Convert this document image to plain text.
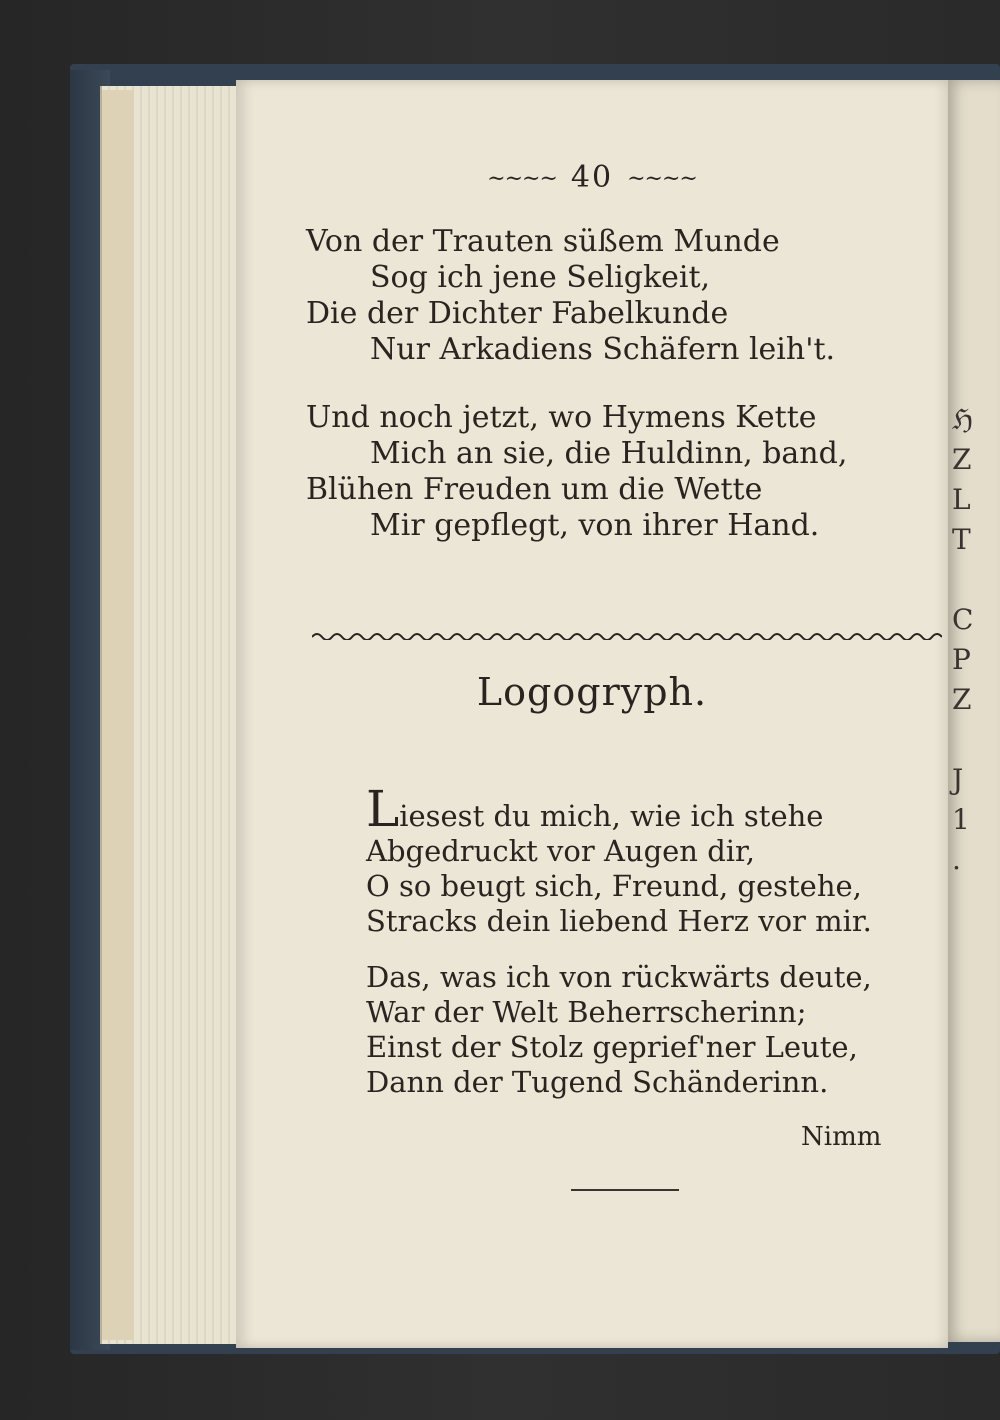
ℌ
Z
L
T

C
P
Z

J
1
.
~~~~ 40 ~~~~
Von der Trauten süßem Munde
Sog ich jene Seligkeit,
Die der Dichter Fabelkunde
Nur Arkadiens Schäfern leih't.
Und noch jetzt, wo Hymens Kette
Mich an sie, die Huldinn, band,
Blühen Freuden um die Wette
Mir gepflegt, von ihrer Hand.
Logogryph.
Liesest du mich, wie ich stehe
Abgedruckt vor Augen dir,
O so beugt sich, Freund, gestehe,
Stracks dein liebend Herz vor mir.
Das, was ich von rückwärts deute,
War der Welt Beherrscherinn;
Einst der Stolz geprief'ner Leute,
Dann der Tugend Schänderinn.
Nimm
